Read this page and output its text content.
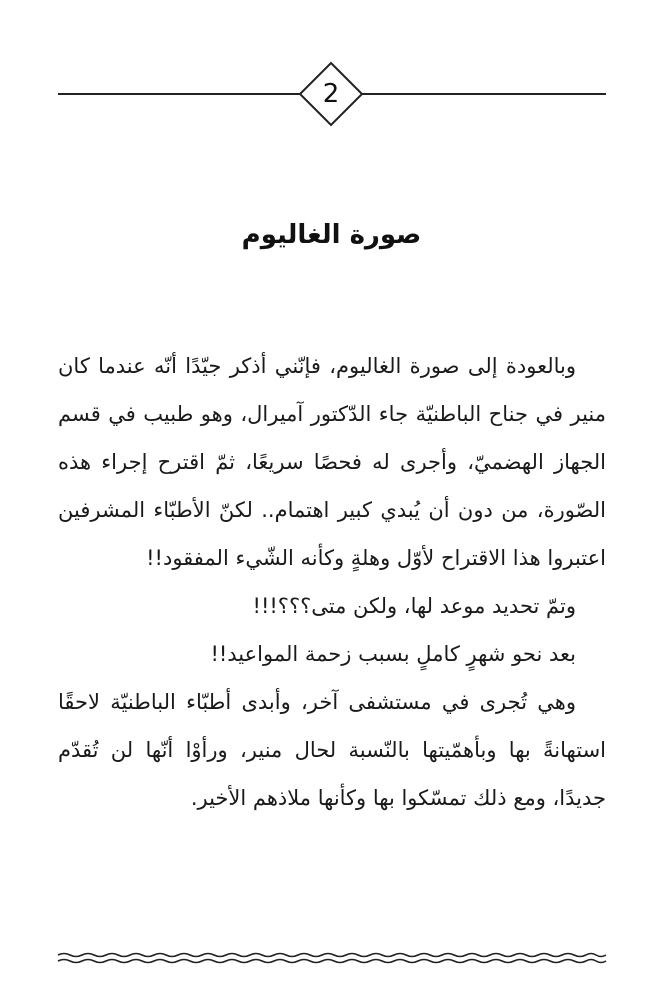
2
صورة الغاليوم

وبالعودة إلى صورة الغاليوم، فإنّني أذكر جيّدًا أنّه عندما كان منير في جناح الباطنيّة جاء الدّكتور آميرال، وهو طبيب في قسم الجهاز الهضميّ، وأجرى له فحصًا سريعًا، ثمّ اقترح إجراء هذه الصّورة، من دون أن يُبدي كبير اهتمام.. لكنّ الأطبّاء المشرفين اعتبروا هذا الاقتراح لأوّل وهلةٍ وكأنه الشّيء المفقود!!

وتمّ تحديد موعد لها، ولكن متى؟؟؟!!!

بعد نحو شهرٍ كاملٍ بسبب زحمة المواعيد!!

وهي تُجرى في مستشفى آخر، وأبدى أطبّاء الباطنيّة لاحقًا استهانةً بها وبأهمّيتها بالنّسبة لحال منير، ورأوْا أنّها لن تُقدّم جديدًا، ومع ذلك تمسّكوا بها وكأنها ملاذهم الأخير.
